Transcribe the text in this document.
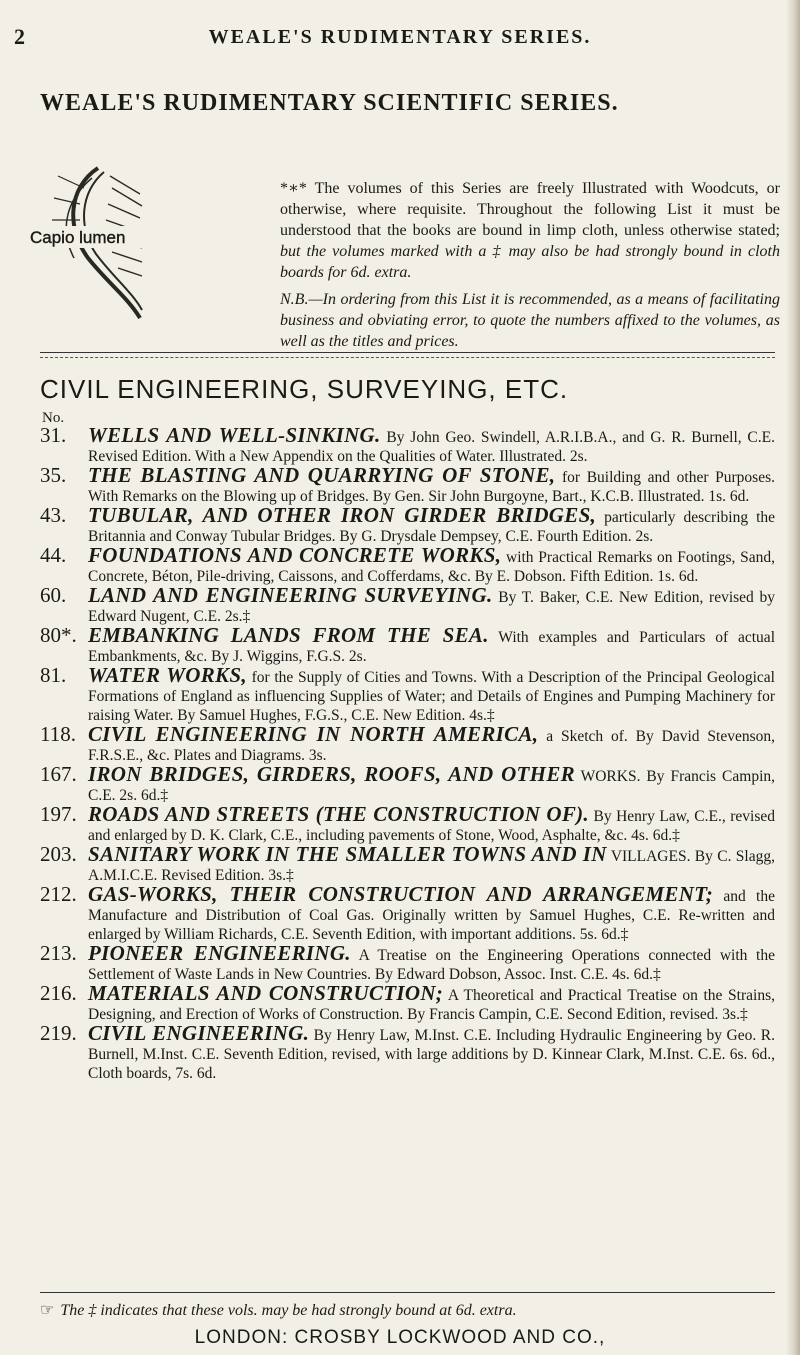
2	WEALE'S RUDIMENTARY SERIES.
WEALE'S RUDIMENTARY SCIENTIFIC SERIES.
Capio lumen

*∗* The volumes of this Series are freely Illustrated with Woodcuts, or otherwise, where requisite. Throughout the following List it must be understood that the books are bound in limp cloth, unless otherwise stated; but the volumes marked with a ‡ may also be had strongly bound in cloth boards for 6d. extra.

N.B.—In ordering from this List it is recommended, as a means of facilitating business and obviating error, to quote the numbers affixed to the volumes, as well as the titles and prices.

CIVIL ENGINEERING, SURVEYING, ETC.
No.
31.	WELLS AND WELL-SINKING. By John Geo. Swindell, A.R.I.B.A., and G. R. Burnell, C.E. Revised Edition. With a New Appendix on the Qualities of Water. Illustrated. 2s.
35.	THE BLASTING AND QUARRYING OF STONE, for Building and other Purposes. With Remarks on the Blowing up of Bridges. By Gen. Sir John Burgoyne, Bart., K.C.B. Illustrated. 1s. 6d.
43.	TUBULAR, AND OTHER IRON GIRDER BRIDGES, particularly describing the Britannia and Conway Tubular Bridges. By G. Drysdale Dempsey, C.E. Fourth Edition. 2s.
44.	FOUNDATIONS AND CONCRETE WORKS, with Practical Remarks on Footings, Sand, Concrete, Béton, Pile-driving, Caissons, and Cofferdams, &c. By E. Dobson. Fifth Edition. 1s. 6d.
60.	LAND AND ENGINEERING SURVEYING. By T. Baker, C.E. New Edition, revised by Edward Nugent, C.E. 2s.‡
80*. EMBANKING LANDS FROM THE SEA. With examples and Particulars of actual Embankments, &c. By J. Wiggins, F.G.S. 2s.
81.	WATER WORKS, for the Supply of Cities and Towns. With a Description of the Principal Geological Formations of England as influencing Supplies of Water; and Details of Engines and Pumping Machinery for raising Water. By Samuel Hughes, F.G.S., C.E. New Edition. 4s.‡
118. CIVIL ENGINEERING IN NORTH AMERICA, a Sketch of. By David Stevenson, F.R.S.E., &c. Plates and Diagrams. 3s.
167. IRON BRIDGES, GIRDERS, ROOFS, AND OTHER WORKS. By Francis Campin, C.E. 2s. 6d.‡
197. ROADS AND STREETS (THE CONSTRUCTION OF). By Henry Law, C.E., revised and enlarged by D. K. Clark, C.E., including pavements of Stone, Wood, Asphalte, &c. 4s. 6d.‡
203. SANITARY WORK IN THE SMALLER TOWNS AND IN VILLAGES. By C. Slagg, A.M.I.C.E. Revised Edition. 3s.‡
212. GAS-WORKS, THEIR CONSTRUCTION AND ARRANGEMENT; and the Manufacture and Distribution of Coal Gas. Originally written by Samuel Hughes, C.E. Re-written and enlarged by William Richards, C.E. Seventh Edition, with important additions. 5s. 6d.‡
213. PIONEER ENGINEERING. A Treatise on the Engineering Operations connected with the Settlement of Waste Lands in New Countries. By Edward Dobson, Assoc. Inst. C.E. 4s. 6d.‡
216. MATERIALS AND CONSTRUCTION; A Theoretical and Practical Treatise on the Strains, Designing, and Erection of Works of Construction. By Francis Campin, C.E. Second Edition, revised. 3s.‡
219. CIVIL ENGINEERING. By Henry Law, M.Inst. C.E. Including Hydraulic Engineering by Geo. R. Burnell, M.Inst. C.E. Seventh Edition, revised, with large additions by D. Kinnear Clark, M.Inst. C.E. 6s. 6d., Cloth boards, 7s. 6d.
☞ The ‡ indicates that these vols. may be had strongly bound at 6d. extra.
LONDON: CROSBY LOCKWOOD AND CO.,
